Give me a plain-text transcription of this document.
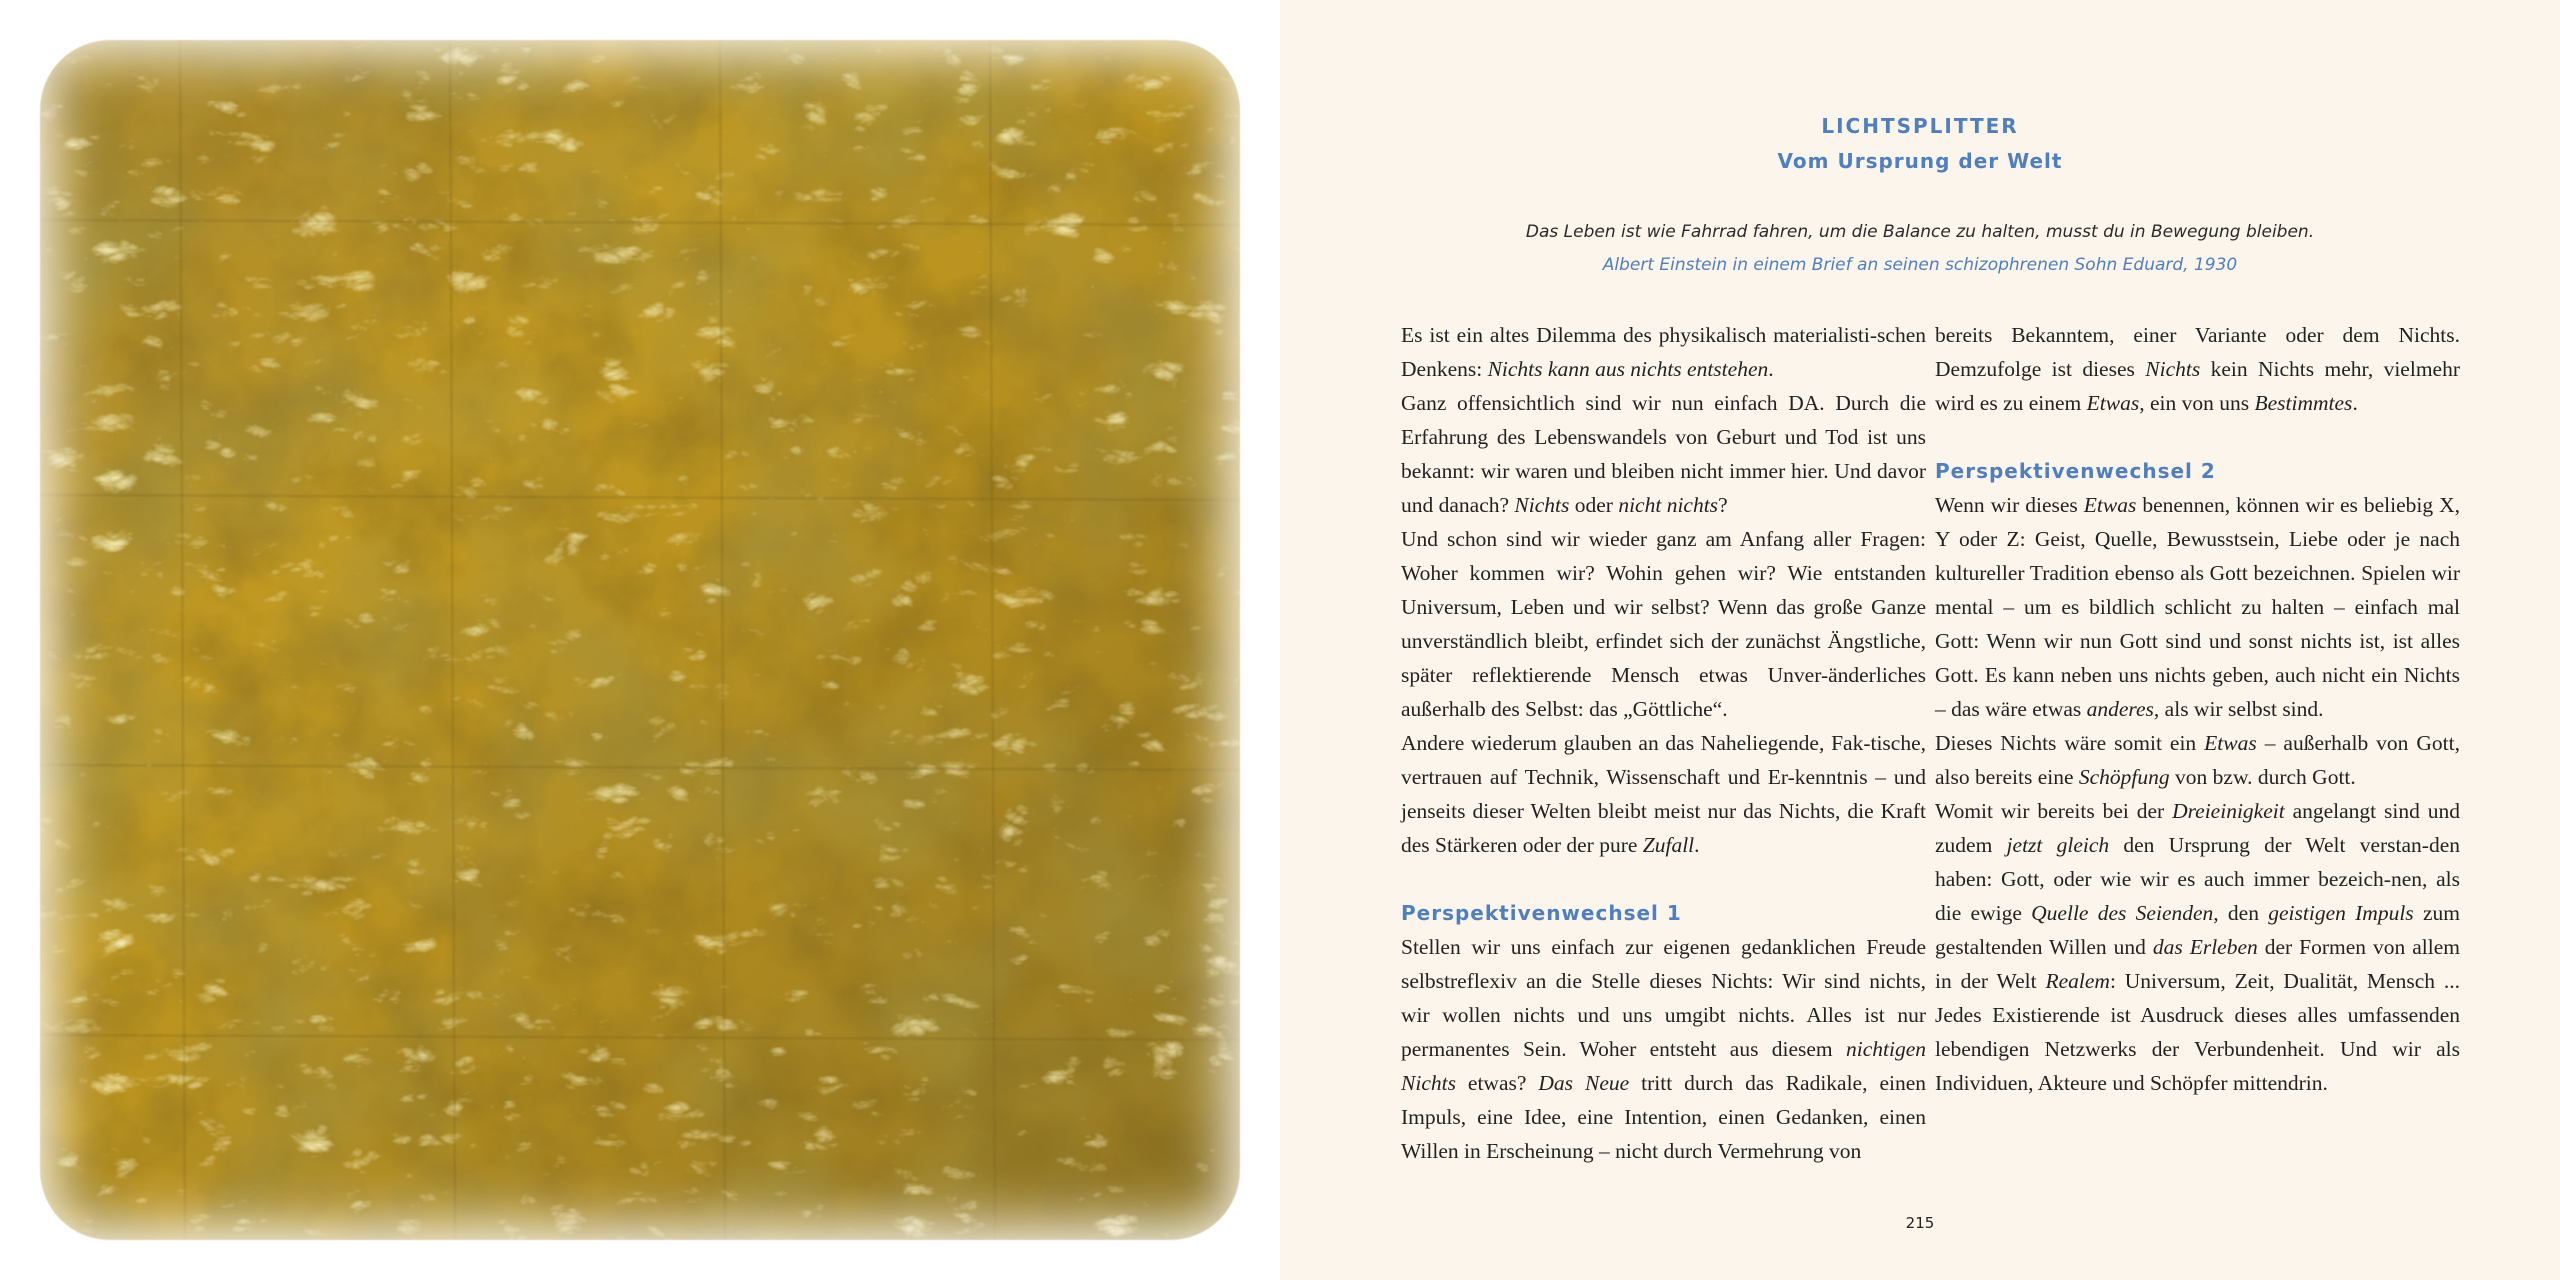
LICHTSPLITTER
Vom Ursprung der Welt
Das Leben ist wie Fahrrad fahren, um die Balance zu halten, musst du in Bewegung bleiben.
Albert Einstein in einem Brief an seinen schizophrenen Sohn Eduard, 1930

Es ist ein altes Dilemma des physikalisch materialisti-schen Denkens: Nichts kann aus nichts entstehen.

Ganz offensichtlich sind wir nun einfach DA. Durch die Erfahrung des Lebenswandels von Geburt und Tod ist uns bekannt: wir waren und bleiben nicht immer hier. Und davor und danach? Nichts oder nicht nichts?

Und schon sind wir wieder ganz am Anfang aller Fragen: Woher kommen wir? Wohin gehen wir? Wie entstanden Universum, Leben und wir selbst? Wenn das große Ganze unverständlich bleibt, erfindet sich der zunächst Ängstliche, später reflektierende Mensch etwas Unver-änderliches außerhalb des Selbst: das „Göttliche“.

Andere wiederum glauben an das Naheliegende, Fak-tische, vertrauen auf Technik, Wissenschaft und Er-kenntnis – und jenseits dieser Welten bleibt meist nur das Nichts, die Kraft des Stärkeren oder der pure Zufall.

Perspektivenwechsel 1

Stellen wir uns einfach zur eigenen gedanklichen Freude selbstreflexiv an die Stelle dieses Nichts: Wir sind nichts, wir wollen nichts und uns umgibt nichts. Alles ist nur permanentes Sein. Woher entsteht aus diesem nichtigen Nichts etwas? Das Neue tritt durch das Radikale, einen Impuls, eine Idee, eine Intention, einen Gedanken, einen Willen in Erscheinung – nicht durch Vermehrung von

bereits Bekanntem, einer Variante oder dem Nichts. Demzufolge ist dieses Nichts kein Nichts mehr, vielmehr wird es zu einem Etwas, ein von uns Bestimmtes.

Perspektivenwechsel 2

Wenn wir dieses Etwas benennen, können wir es beliebig X, Y oder Z: Geist, Quelle, Bewusstsein, Liebe oder je nach kultureller Tradition ebenso als Gott bezeichnen. Spielen wir mental – um es bildlich schlicht zu halten – einfach mal Gott: Wenn wir nun Gott sind und sonst nichts ist, ist alles Gott. Es kann neben uns nichts geben, auch nicht ein Nichts – das wäre etwas anderes, als wir selbst sind.

Dieses Nichts wäre somit ein Etwas – außerhalb von Gott, also bereits eine Schöpfung von bzw. durch Gott.

Womit wir bereits bei der Dreieinigkeit angelangt sind und zudem jetzt gleich den Ursprung der Welt verstan-den haben: Gott, oder wie wir es auch immer bezeich-nen, als die ewige Quelle des Seienden, den geistigen Impuls zum gestaltenden Willen und das Erleben der Formen von allem in der Welt Realem: Universum, Zeit, Dualität, Mensch ... Jedes Existierende ist Ausdruck dieses alles umfassenden lebendigen Netzwerks der Verbundenheit. Und wir als Individuen, Akteure und Schöpfer mittendrin.

215
